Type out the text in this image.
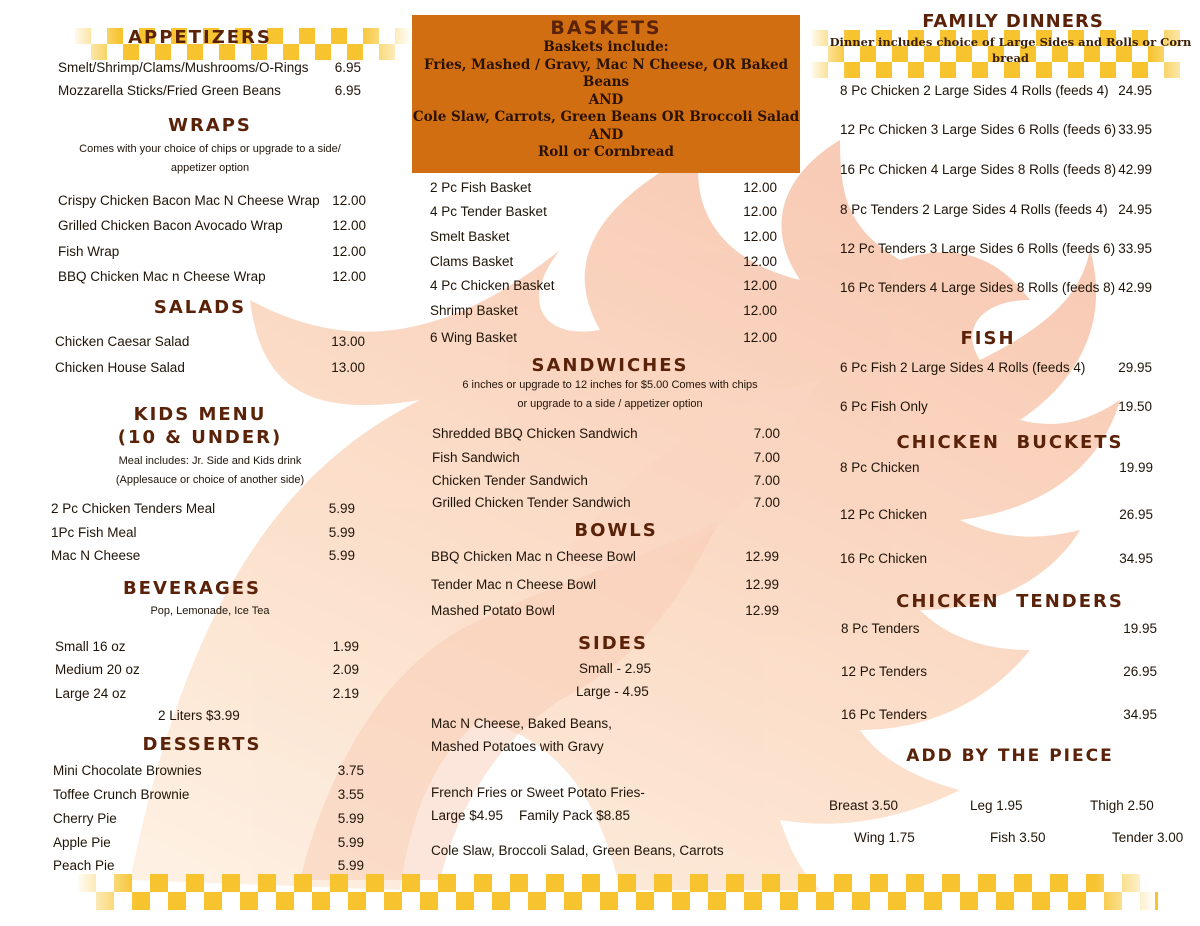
APPETIZERS
Smelt/Shrimp/Clams/Mushrooms/O-Rings 6.95
Mozzarella Sticks/Fried Green Beans	6.95
WRAPS
Comes with your choice of chips or upgrade to a side/
appetizer option
Crispy Chicken Bacon Mac N Cheese Wrap 12.00
Grilled Chicken Bacon Avocado Wrap	12.00
Fish Wrap	12.00
BBQ Chicken Mac n Cheese Wrap	12.00
SALADS
Chicken Caesar Salad	13.00
Chicken House Salad	13.00
KIDS MENU
(10 & UNDER)
Meal includes: Jr. Side and Kids drink
(Applesauce or choice of another side)
2 Pc Chicken Tenders Meal	5.99
1Pc Fish Meal	5.99
Mac N Cheese	5.99
BEVERAGES
Pop, Lemonade, Ice Tea
Small 16 oz	1.99
Medium 20 oz	2.09
Large 24 oz	2.19
2 Liters $3.99
DESSERTS
Mini Chocolate Brownies	3.75
Toffee Crunch Brownie	3.55
Cherry Pie	5.99
Apple Pie	5.99
Peach Pie	5.99
BASKETS
Baskets include:
Fries, Mashed / Gravy, Mac N Cheese, OR Baked
Beans
AND
Cole Slaw, Carrots, Green Beans OR Broccoli Salad
AND
Roll or Cornbread
2 Pc Fish Basket	12.00
4 Pc Tender Basket	12.00
Smelt Basket	12.00
Clams Basket	12.00
4 Pc Chicken Basket	12.00
Shrimp Basket	12.00
6 Wing Basket	12.00
SANDWICHES
6 inches or upgrade to 12 inches for $5.00 Comes with chips
or upgrade to a side / appetizer option
Shredded BBQ Chicken Sandwich	7.00
Fish Sandwich	7.00
Chicken Tender Sandwich	7.00
Grilled Chicken Tender Sandwich	7.00
BOWLS
BBQ Chicken Mac n Cheese Bowl	12.99
Tender Mac n Cheese Bowl	12.99
Mashed Potato Bowl	12.99
SIDES
Small - 2.95
Large - 4.95
Mac N Cheese, Baked Beans,
Mashed Potatoes with Gravy
French Fries or Sweet Potato Fries-
Large $4.95 Family Pack $8.85
Cole Slaw, Broccoli Salad, Green Beans, Carrots
FAMILY DINNERS
Dinner includes choice of Large Sides and Rolls or Corn
bread
8 Pc Chicken 2 Large Sides 4 Rolls (feeds 4) 24.95
12 Pc Chicken 3 Large Sides 6 Rolls (feeds 6) 33.95
16 Pc Chicken 4 Large Sides 8 Rolls (feeds 8) 42.99
8 Pc Tenders 2 Large Sides 4 Rolls (feeds 4) 24.95
12 Pc Tenders 3 Large Sides 6 Rolls (feeds 6) 33.95
16 Pc Tenders 4 Large Sides 8 Rolls (feeds 8) 42.99
FISH
6 Pc Fish 2 Large Sides 4 Rolls (feeds 4) 29.95
6 Pc Fish Only	19.50
CHICKEN  BUCKETS
8 Pc Chicken	19.99
12 Pc Chicken	26.95
16 Pc Chicken	34.95
CHICKEN  TENDERS
8 Pc Tenders	19.95
12 Pc Tenders	26.95
16 Pc Tenders	34.95
ADD BY THE PIECE
Breast 3.50	Leg 1.95	Thigh 2.50
Wing 1.75	Fish 3.50	Tender 3.00
